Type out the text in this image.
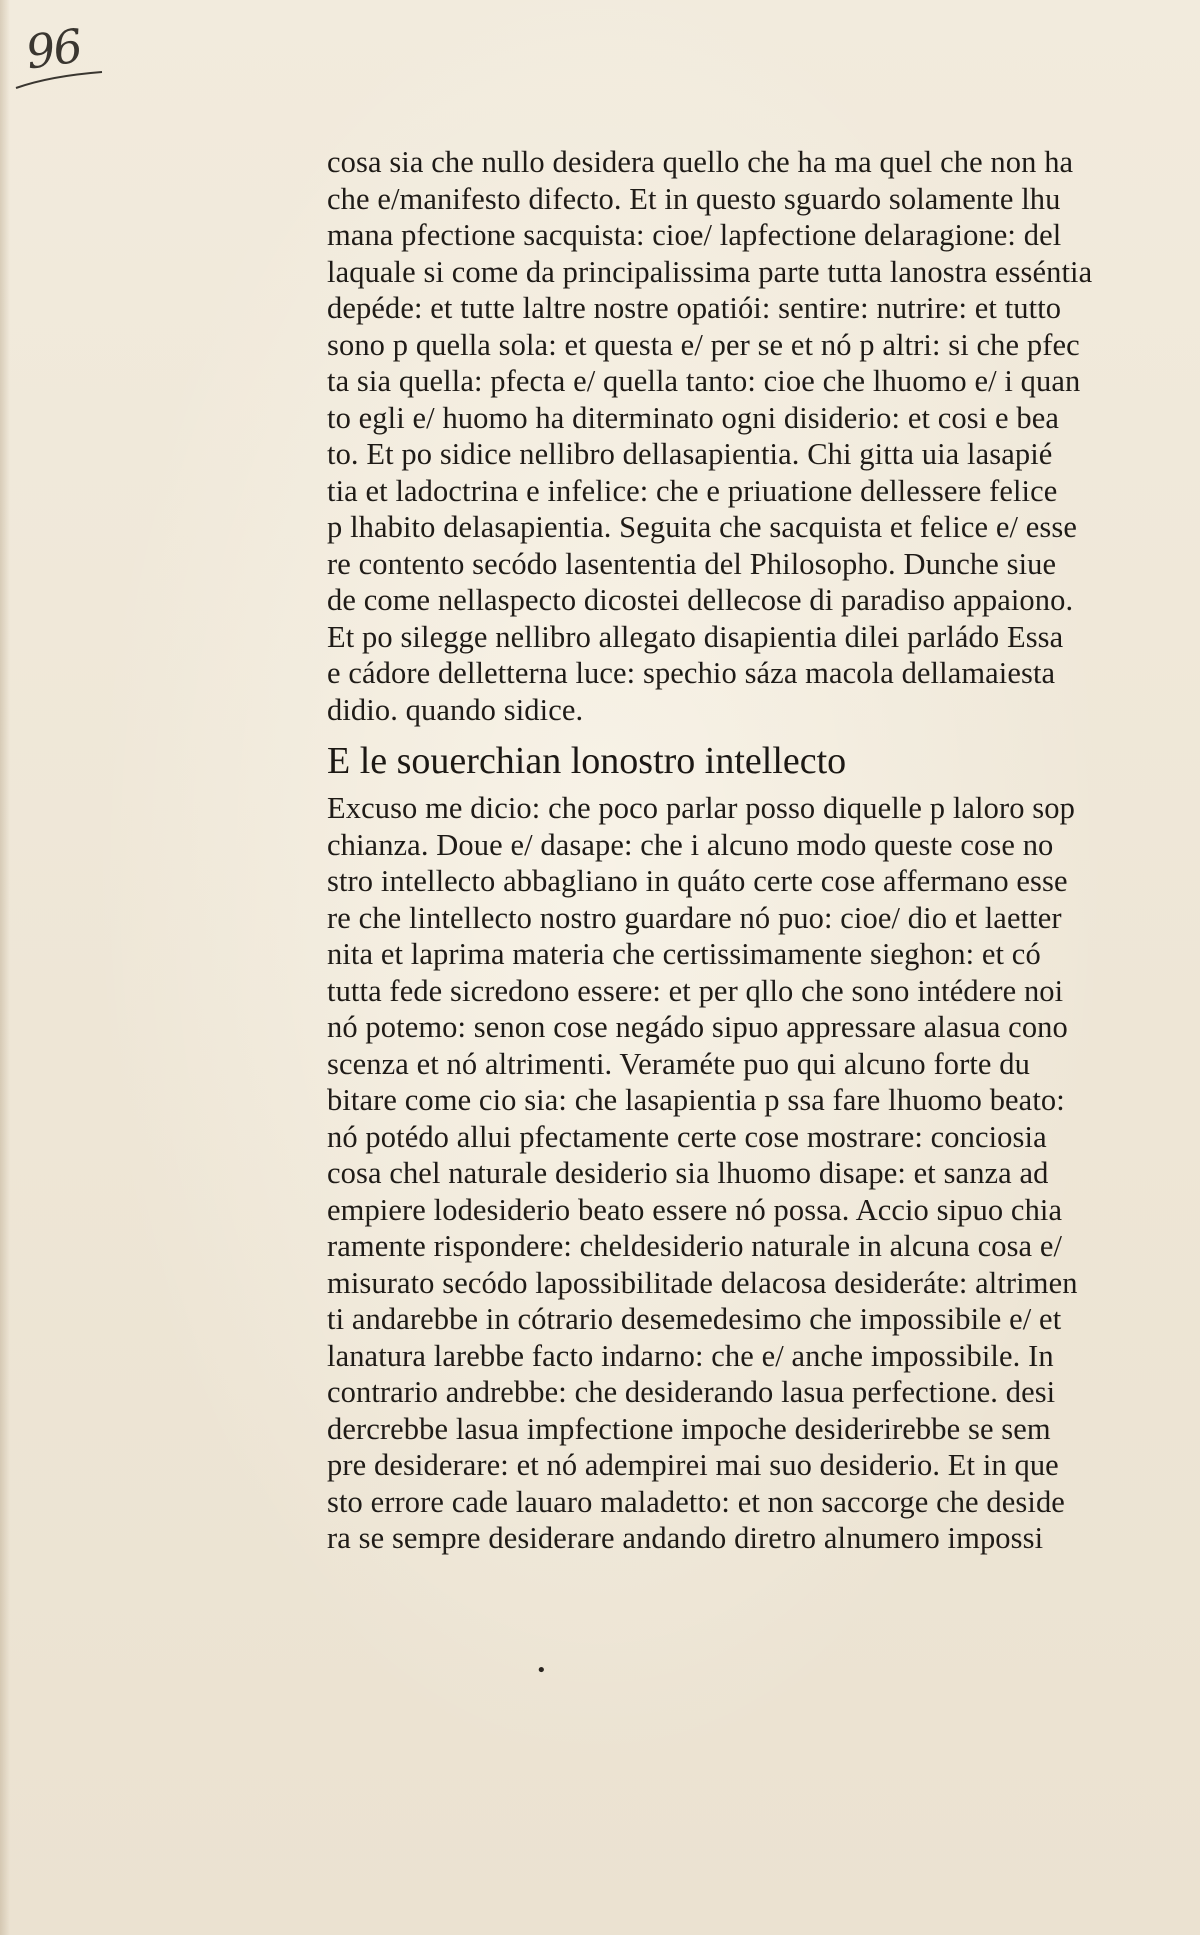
96
cosa sia che nullo desidera quello che ha ma quel che non ha
che e/manifesto difecto. Et in questo sguardo solamente lhu
mana pfectione sacquista: cioe/ lapfectione delaragione: del
laquale si come da principalissima parte tutta lanostra esséntia
depéde: et tutte laltre nostre opatiói: sentire: nutrire: et tutto
sono p quella sola: et questa e/ per se et nó p altri: si che pfec
ta sia quella: pfecta e/ quella tanto: cioe che lhuomo e/ i quan
to egli e/ huomo ha diterminato ogni disiderio: et cosi e bea
to. Et po sidice nellibro dellasapientia. Chi gitta uia lasapié
tia et ladoctrina e infelice: che e priuatione dellessere felice
p lhabito delasapientia. Seguita che sacquista et felice e/ esse
re contento secódo lasententia del Philosopho. Dunche siue
de come nellaspecto dicostei dellecose di paradiso appaiono.
Et po silegge nellibro allegato disapientia dilei parládo Essa
e cádore delletterna luce: spechio sáza macola dellamaiesta
didio. quando sidice.
E le souerchian lonostro intellecto
Excuso me dicio: che poco parlar posso diquelle p laloro sop
chianza. Doue e/ dasape: che i alcuno modo queste cose no
stro intellecto abbagliano in quáto certe cose affermano esse
re che lintellecto nostro guardare nó puo: cioe/ dio et laetter
nita et laprima materia che certissimamente sieghon: et có
tutta fede sicredono essere: et per qllo che sono intédere noi
nó potemo: senon cose negádo sipuo appressare alasua cono
scenza et nó altrimenti. Veraméte puo qui alcuno forte du
bitare come cio sia: che lasapientia p ssa fare lhuomo beato:
nó potédo allui pfectamente certe cose mostrare: conciosia
cosa chel naturale desiderio sia lhuomo disape: et sanza ad
empiere lodesiderio beato essere nó possa. Accio sipuo chia
ramente rispondere: cheldesiderio naturale in alcuna cosa e/
misurato secódo lapossibilitade delacosa desideráte: altrimen
ti andarebbe in cótrario desemedesimo che impossibile e/ et
lanatura larebbe facto indarno: che e/ anche impossibile. In
contrario andrebbe: che desiderando lasua perfectione. desi
dercrebbe lasua impfectione impoche desiderirebbe se sem
pre desiderare: et nó adempirei mai suo desiderio. Et in que
sto errore cade lauaro maladetto: et non saccorge che deside
ra se sempre desiderare andando diretro alnumero impossi
•
